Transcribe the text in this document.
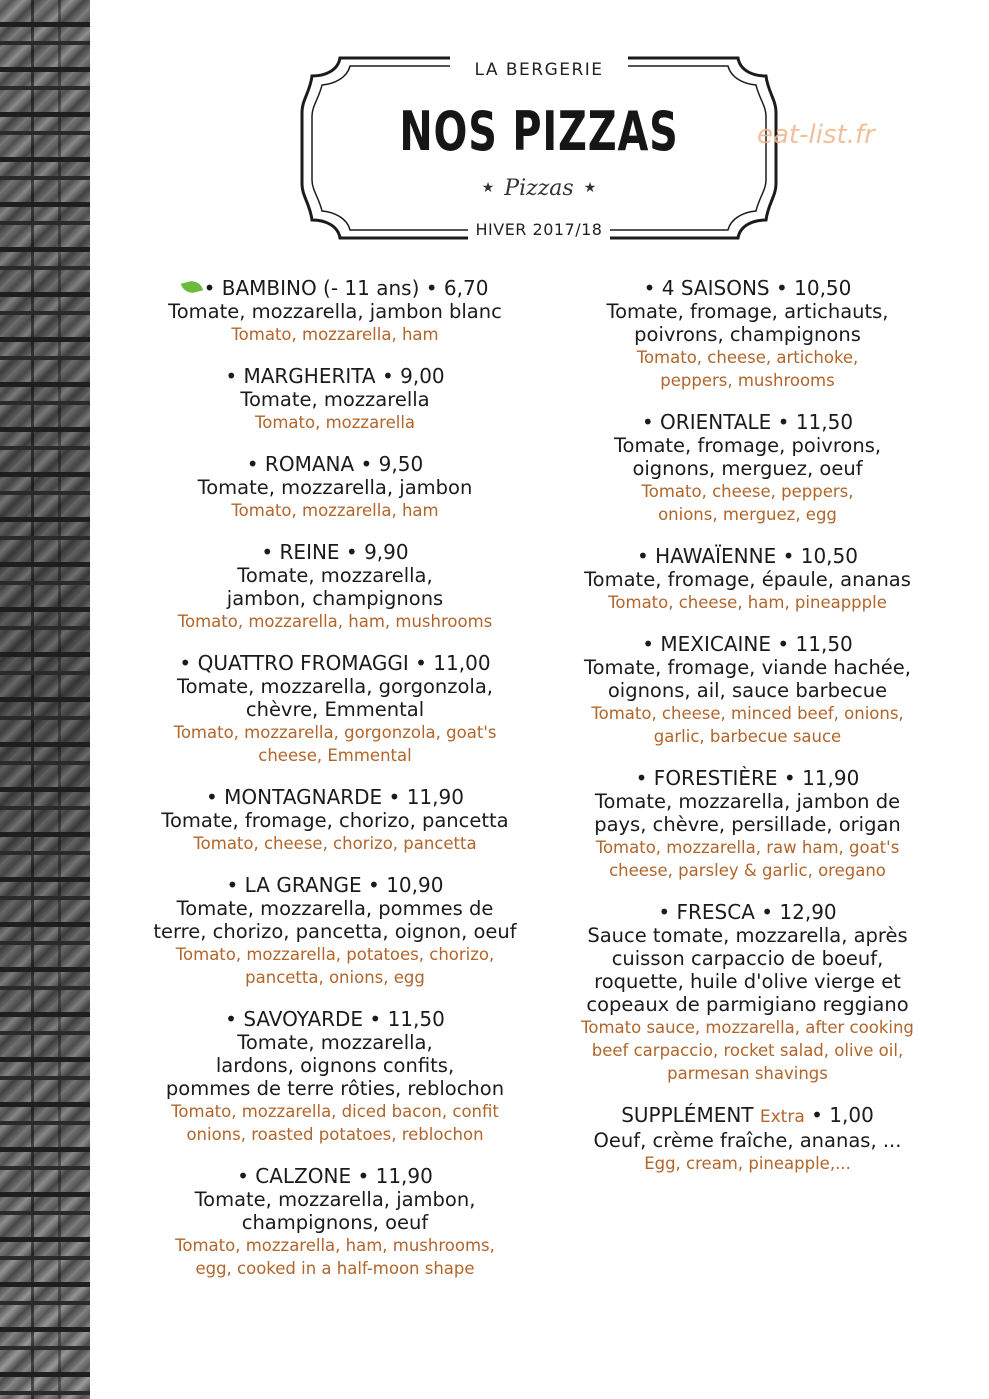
LA BERGERIE
NOS PIZZAS
★ Pizzas ★
HIVER 2017/18
eat-list.fr
• BAMBINO (- 11 ans) • 6,70
Tomate, mozzarella, jambon blanc
Tomato, mozzarella, ham
• MARGHERITA • 9,00
Tomate, mozzarella
Tomato, mozzarella
• ROMANA • 9,50
Tomate, mozzarella, jambon
Tomato, mozzarella, ham
• REINE • 9,90
Tomate, mozzarella,
jambon, champignons
Tomato, mozzarella, ham, mushrooms
• QUATTRO FROMAGGI • 11,00
Tomate, mozzarella, gorgonzola,
chèvre, Emmental
Tomato, mozzarella, gorgonzola, goat's
cheese, Emmental
• MONTAGNARDE • 11,90
Tomate, fromage, chorizo, pancetta
Tomato, cheese, chorizo, pancetta
• LA GRANGE • 10,90
Tomate, mozzarella, pommes de
terre, chorizo, pancetta, oignon, oeuf
Tomato, mozzarella, potatoes, chorizo,
pancetta, onions, egg
• SAVOYARDE • 11,50
Tomate, mozzarella,
lardons, oignons confits,
pommes de terre rôties, reblochon
Tomato, mozzarella, diced bacon, confit
onions, roasted potatoes, reblochon
• CALZONE • 11,90
Tomate, mozzarella, jambon,
champignons, oeuf
Tomato, mozzarella, ham, mushrooms,
egg, cooked in a half-moon shape
• 4 SAISONS • 10,50
Tomate, fromage, artichauts,
poivrons, champignons
Tomato, cheese, artichoke,
peppers, mushrooms
• ORIENTALE • 11,50
Tomate, fromage, poivrons,
oignons, merguez, oeuf
Tomato, cheese, peppers,
onions, merguez, egg
• HAWAÏENNE • 10,50
Tomate, fromage, épaule, ananas
Tomato, cheese, ham, pineappple
• MEXICAINE • 11,50
Tomate, fromage, viande hachée,
oignons, ail, sauce barbecue
Tomato, cheese, minced beef, onions,
garlic, barbecue sauce
• FORESTIÈRE • 11,90
Tomate, mozzarella, jambon de
pays, chèvre, persillade, origan
Tomato, mozzarella, raw ham, goat's
cheese, parsley & garlic, oregano
• FRESCA • 12,90
Sauce tomate, mozzarella, après
cuisson carpaccio de boeuf,
roquette, huile d'olive vierge et
copeaux de parmigiano reggiano
Tomato sauce, mozzarella, after cooking
beef carpaccio, rocket salad, olive oil,
parmesan shavings
SUPPLÉMENT Extra • 1,00
Oeuf, crème fraîche, ananas, ...
Egg, cream, pineapple,...
